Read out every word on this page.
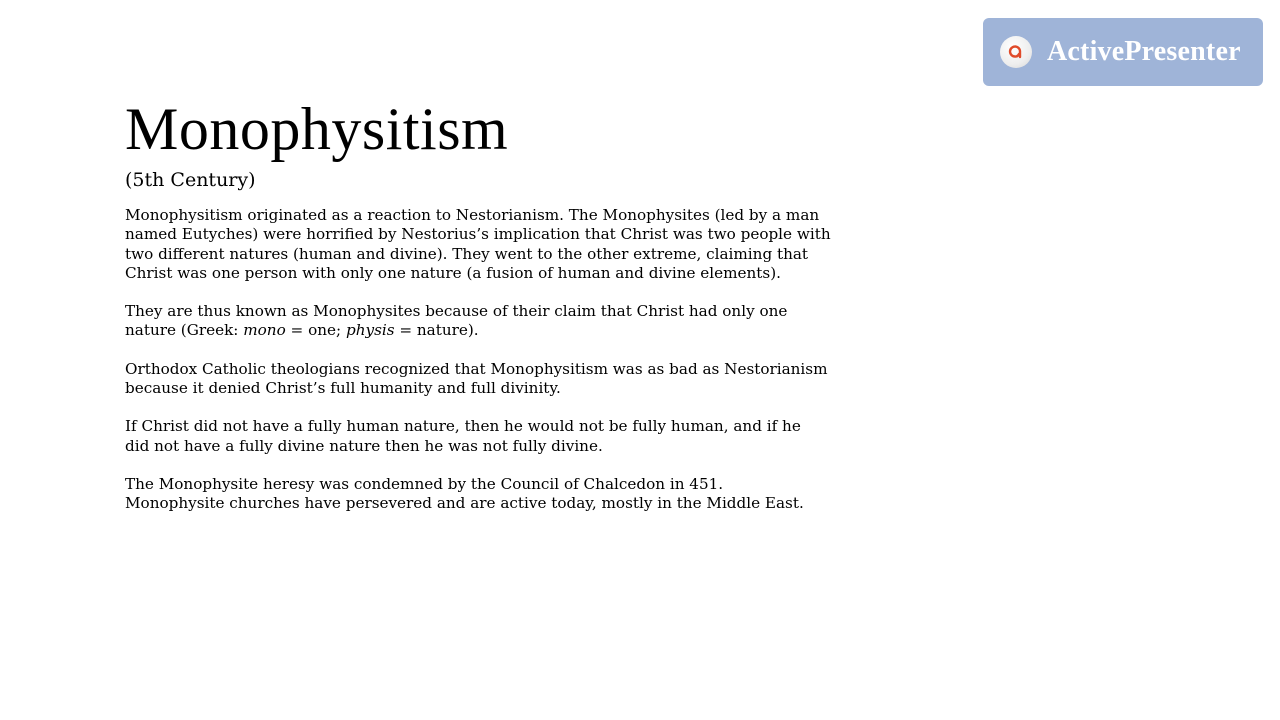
ActivePresenter
Monophysitism
(5th Century)

Monophysitism originated as a reaction to Nestorianism. The Monophysites (led by a man
named Eutyches) were horrified by Nestorius’s implication that Christ was two people with
two different natures (human and divine). They went to the other extreme, claiming that
Christ was one person with only one nature (a fusion of human and divine elements).

They are thus known as Monophysites because of their claim that Christ had only one
nature (Greek: mono = one; physis = nature).

Orthodox Catholic theologians recognized that Monophysitism was as bad as Nestorianism
because it denied Christ’s full humanity and full divinity.

If Christ did not have a fully human nature, then he would not be fully human, and if he
did not have a fully divine nature then he was not fully divine.

The Monophysite heresy was condemned by the Council of Chalcedon in 451.
Monophysite churches have persevered and are active today, mostly in the Middle East.
